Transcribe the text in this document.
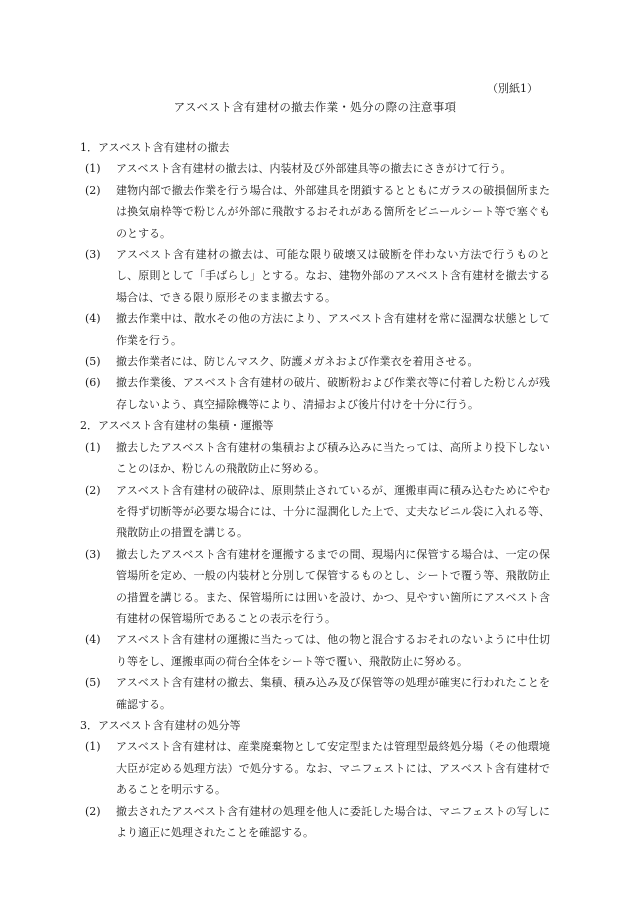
（別紙1）
アスベスト含有建材の撤去作業・処分の際の注意事項
1．アスベスト含有建材の撤去
(1) アスベスト含有建材の撤去は、内装材及び外部建具等の撤去にさきがけて行う。
(2) 建物内部で撤去作業を行う場合は、外部建具を閉鎖するとともにガラスの破損個所または換気扇枠等で粉じんが外部に飛散するおそれがある箇所をビニールシート等で塞ぐものとする。
(3) アスベスト含有建材の撤去は、可能な限り破壊又は破断を伴わない方法で行うものとし、原則として「手ばらし」とする。なお、建物外部のアスベスト含有建材を撤去する場合は、できる限り原形そのまま撤去する。
(4) 撤去作業中は、散水その他の方法により、アスベスト含有建材を常に湿潤な状態として作業を行う。
(5) 撤去作業者には、防じんマスク、防護メガネおよび作業衣を着用させる。
(6) 撤去作業後、アスベスト含有建材の破片、破断粉および作業衣等に付着した粉じんが残存しないよう、真空掃除機等により、清掃および後片付けを十分に行う。
2．アスベスト含有建材の集積・運搬等
(1) 撤去したアスベスト含有建材の集積および積み込みに当たっては、高所より投下しないことのほか、粉じんの飛散防止に努める。
(2) アスベスト含有建材の破砕は、原則禁止されているが、運搬車両に積み込むためにやむを得ず切断等が必要な場合には、十分に湿潤化した上で、丈夫なビニル袋に入れる等、飛散防止の措置を講じる。
(3) 撤去したアスベスト含有建材を運搬するまでの間、現場内に保管する場合は、一定の保管場所を定め、一般の内装材と分別して保管するものとし、シートで覆う等、飛散防止の措置を講じる。また、保管場所には囲いを設け、かつ、見やすい箇所にアスベスト含有建材の保管場所であることの表示を行う。
(4) アスベスト含有建材の運搬に当たっては、他の物と混合するおそれのないように中仕切り等をし、運搬車両の荷台全体をシート等で覆い、飛散防止に努める。
(5) アスベスト含有建材の撤去、集積、積み込み及び保管等の処理が確実に行われたことを確認する。
3．アスベスト含有建材の処分等
(1) アスベスト含有建材は、産業廃棄物として安定型または管理型最終処分場（その他環境大臣が定める処理方法）で処分する。なお、マニフェストには、アスベスト含有建材であることを明示する。
(2) 撤去されたアスベスト含有建材の処理を他人に委託した場合は、マニフェストの写しにより適正に処理されたことを確認する。
